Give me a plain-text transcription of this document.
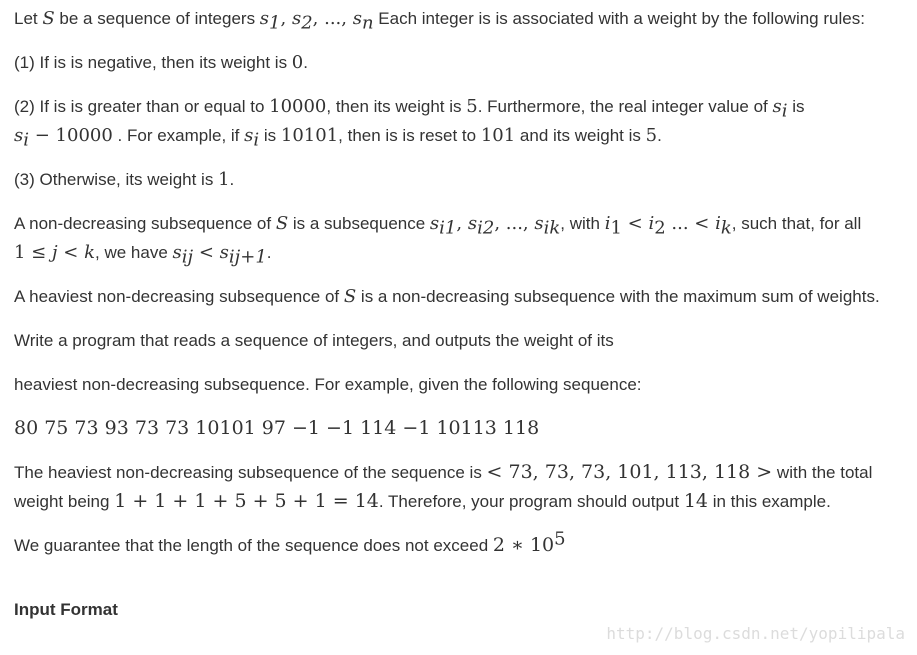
Let S be a sequence of integers $s_1$, $s_2$, ..., $s_n$ Each integer is is associated with a weight by the following rules:

(1) If is is negative, then its weight is 0.

(2) If is is greater than or equal to 10000, then its weight is 5. Furthermore, the real integer value of $s_i$ is
$s_i - 10000$ . For example, if $s_i$ is 10101, then is is reset to 101 and its weight is 5.

(3) Otherwise, its weight is 1.

A non-decreasing subsequence of S is a subsequence $s_{i1}$, $s_{i2}$, ..., $s_{ik}$, with $i_1 < i_2$ ... < $i_k$, such that, for all
1 ≤ j < k, we have $s_{ij} < s_{ij+1}$.

A heaviest non-decreasing subsequence of S is a non-decreasing subsequence with the maximum sum of weights.

Write a program that reads a sequence of integers, and outputs the weight of its

heaviest non-decreasing subsequence. For example, given the following sequence:

80 75 73 93 73 73 10101 97 −1 −1 114 −1 10113 118

The heaviest non-decreasing subsequence of the sequence is < 73, 73, 73, 101, 113, 118 > with the total
weight being 1 + 1 + 1 + 5 + 5 + 1 = 14. Therefore, your program should output 14 in this example.

We guarantee that the length of the sequence does not exceed 2 ∗ $10^5$

Input Format

http://blog.csdn.net/yopilipala
